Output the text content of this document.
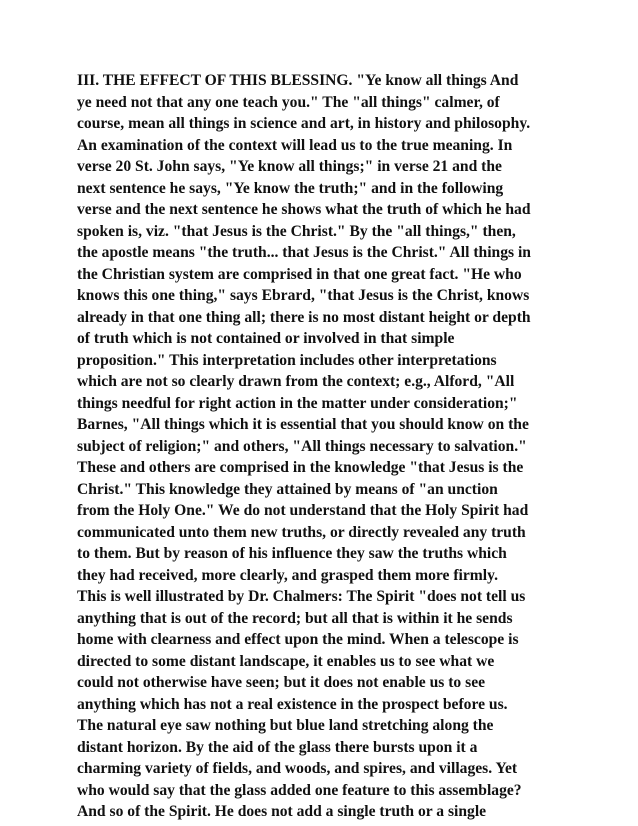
III. THE EFFECT OF THIS BLESSING. "Ye know all things And
ye need not that any one teach you." The "all things" calmer, of
course, mean all things in science and art, in history and philosophy.
An examination of the context will lead us to the true meaning. In
verse 20 St. John says, "Ye know all things;" in verse 21 and the
next sentence he says, "Ye know the truth;" and in the following
verse and the next sentence he shows what the truth of which he had
spoken is, viz. "that Jesus is the Christ." By the "all things," then,
the apostle means "the truth... that Jesus is the Christ." All things in
the Christian system are comprised in that one great fact. "He who
knows this one thing," says Ebrard, "that Jesus is the Christ, knows
already in that one thing all; there is no most distant height or depth
of truth which is not contained or involved in that simple
proposition." This interpretation includes other interpretations
which are not so clearly drawn from the context; e.g., Alford, "All
things needful for right action in the matter under consideration;"
Barnes, "All things which it is essential that you should know on the
subject of religion;" and others, "All things necessary to salvation."
These and others are comprised in the knowledge "that Jesus is the
Christ." This knowledge they attained by means of "an unction
from the Holy One." We do not understand that the Holy Spirit had
communicated unto them new truths, or directly revealed any truth
to them. But by reason of his influence they saw the truths which
they had received, more clearly, and grasped them more firmly.
This is well illustrated by Dr. Chalmers: The Spirit "does not tell us
anything that is out of the record; but all that is within it he sends
home with clearness and effect upon the mind. When a telescope is
directed to some distant landscape, it enables us to see what we
could not otherwise have seen; but it does not enable us to see
anything which has not a real existence in the prospect before us.
The natural eye saw nothing but blue land stretching along the
distant horizon. By the aid of the glass there bursts upon it a
charming variety of fields, and woods, and spires, and villages. Yet
who would say that the glass added one feature to this assemblage?
And so of the Spirit. He does not add a single truth or a single
